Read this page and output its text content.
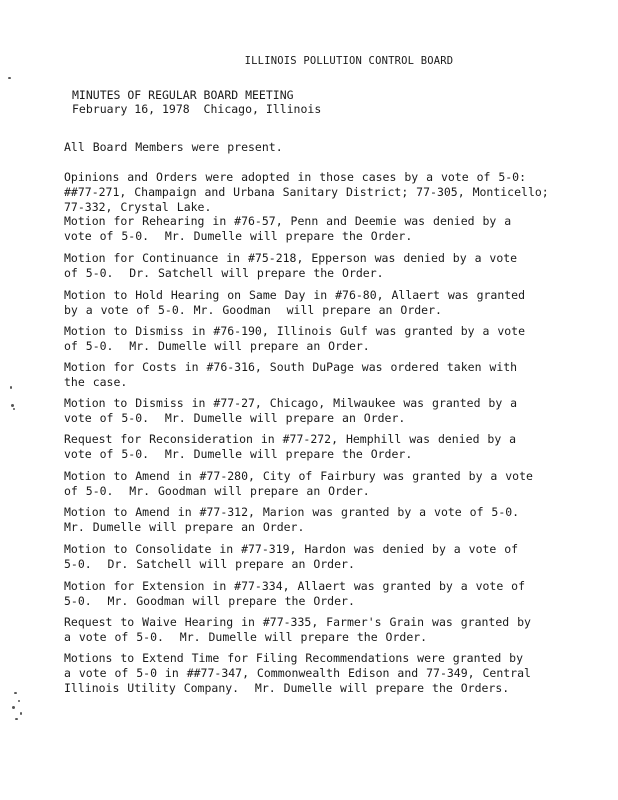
ILLINOIS POLLUTION CONTROL BOARD
MINUTES OF REGULAR BOARD MEETING
February 16, 1978  Chicago, Illinois
All Board Members were present.
Opinions and Orders were adopted in those cases by a vote of 5-0:
##77-271, Champaign and Urbana Sanitary District; 77-305, Monticello;
77-332, Crystal Lake.
Motion for Rehearing in #76-57, Penn and Deemie was denied by a
vote of 5-0.  Mr. Dumelle will prepare the Order.
Motion for Continuance in #75-218, Epperson was denied by a vote
of 5-0.  Dr. Satchell will prepare the Order.
Motion to Hold Hearing on Same Day in #76-80, Allaert was granted
by a vote of 5-0. Mr. Goodman  will prepare an Order.
Motion to Dismiss in #76-190, Illinois Gulf was granted by a vote
of 5-0.  Mr. Dumelle will prepare an Order.
Motion for Costs in #76-316, South DuPage was ordered taken with
the case.
Motion to Dismiss in #77-27, Chicago, Milwaukee was granted by a
vote of 5-0.  Mr. Dumelle will prepare an Order.
Request for Reconsideration in #77-272, Hemphill was denied by a
vote of 5-0.  Mr. Dumelle will prepare the Order.
Motion to Amend in #77-280, City of Fairbury was granted by a vote
of 5-0.  Mr. Goodman will prepare an Order.
Motion to Amend in #77-312, Marion was granted by a vote of 5-0.
Mr. Dumelle will prepare an Order.
Motion to Consolidate in #77-319, Hardon was denied by a vote of
5-0.  Dr. Satchell will prepare an Order.
Motion for Extension in #77-334, Allaert was granted by a vote of
5-0.  Mr. Goodman will prepare the Order.
Request to Waive Hearing in #77-335, Farmer's Grain was granted by
a vote of 5-0.  Mr. Dumelle will prepare the Order.
Motions to Extend Time for Filing Recommendations were granted by
a vote of 5-0 in ##77-347, Commonwealth Edison and 77-349, Central
Illinois Utility Company.  Mr. Dumelle will prepare the Orders.
